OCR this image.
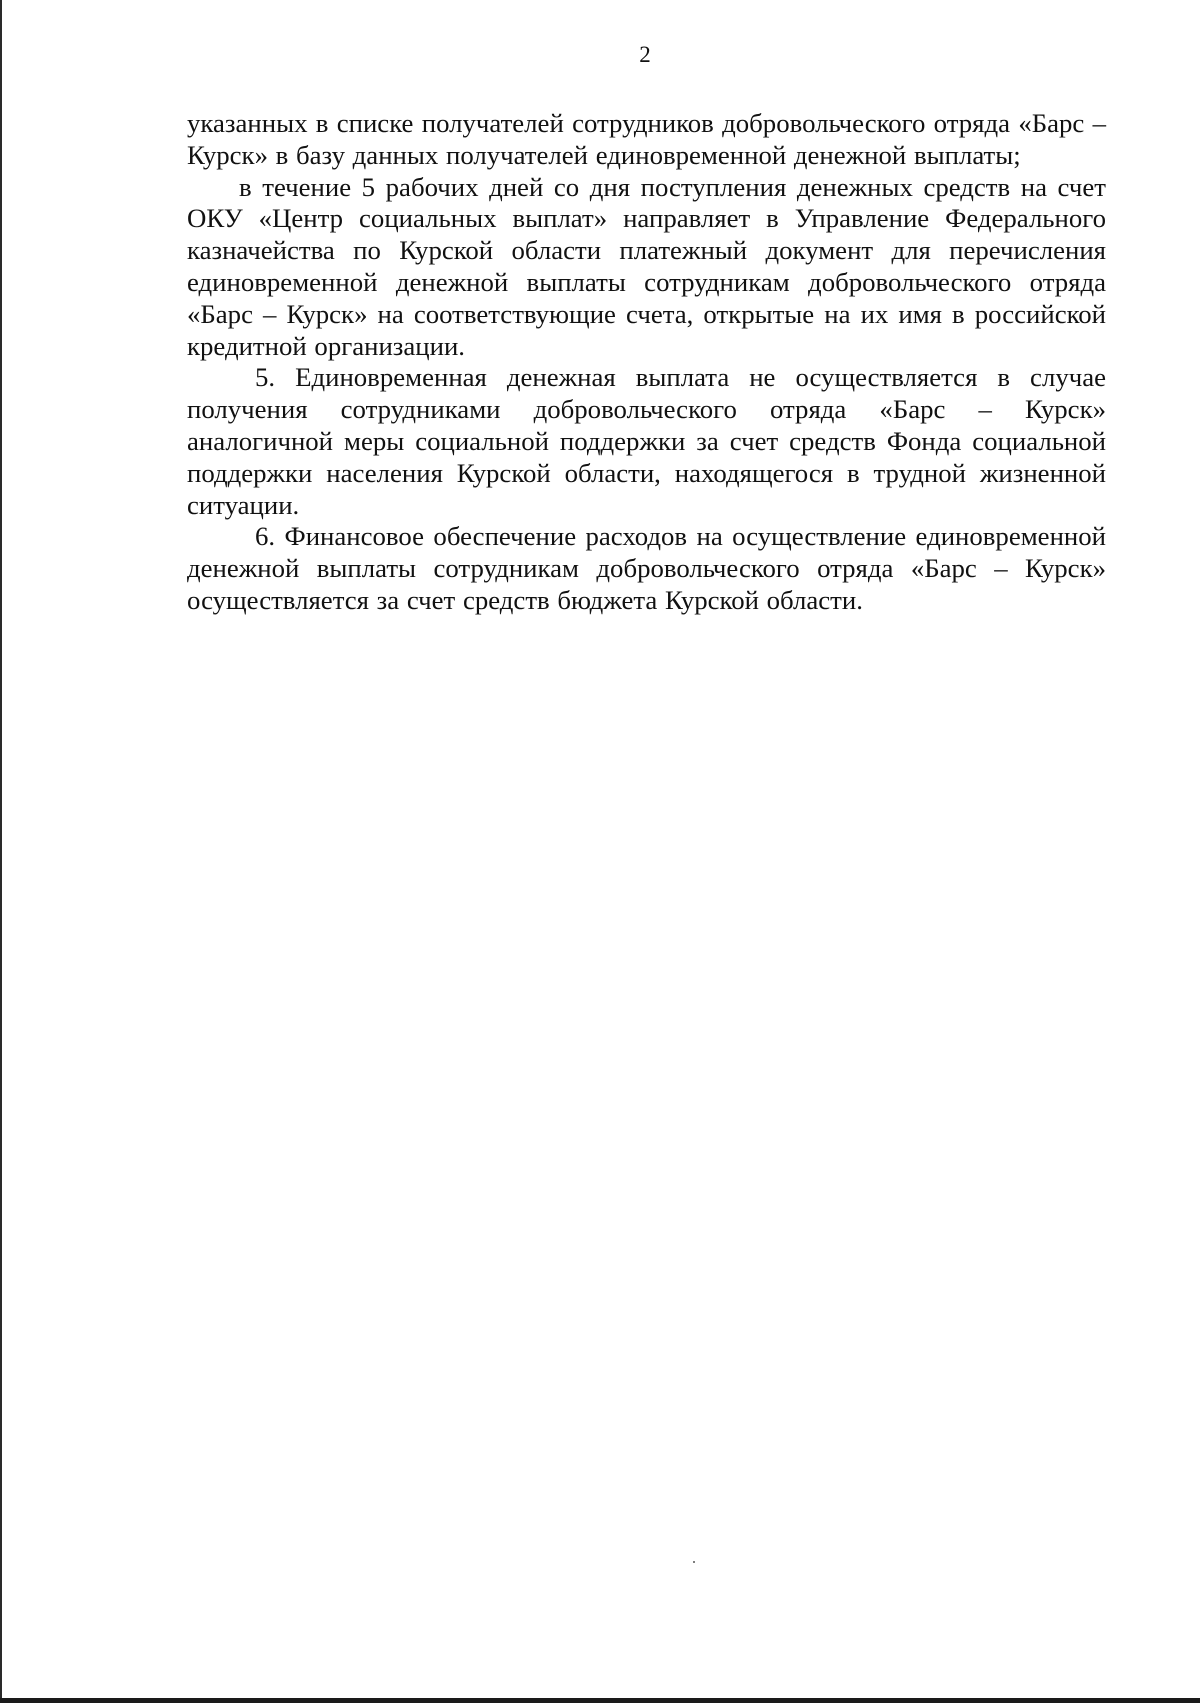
2

указанных в списке получателей сотрудников добровольческого отряда «Барс – Курск» в базу данных получателей единовременной денежной выплаты;

в течение 5 рабочих дней со дня поступления денежных средств на счет ОКУ «Центр социальных выплат» направляет в Управление Федерального казначейства по Курской области платежный документ для перечисления единовременной денежной выплаты сотрудникам добровольческого отряда «Барс – Курск» на соответствующие счета, открытые на их имя в российской кредитной организации.

5. Единовременная денежная выплата не осуществляется в случае получения сотрудниками добровольческого отряда «Барс – Курск» аналогичной меры социальной поддержки за счет средств Фонда социальной поддержки населения Курской области, находящегося в трудной жизненной ситуации.

6. Финансовое обеспечение расходов на осуществление единовременной денежной выплаты сотрудникам добровольческого отряда «Барс – Курск» осуществляется за счет средств бюджета Курской области.
